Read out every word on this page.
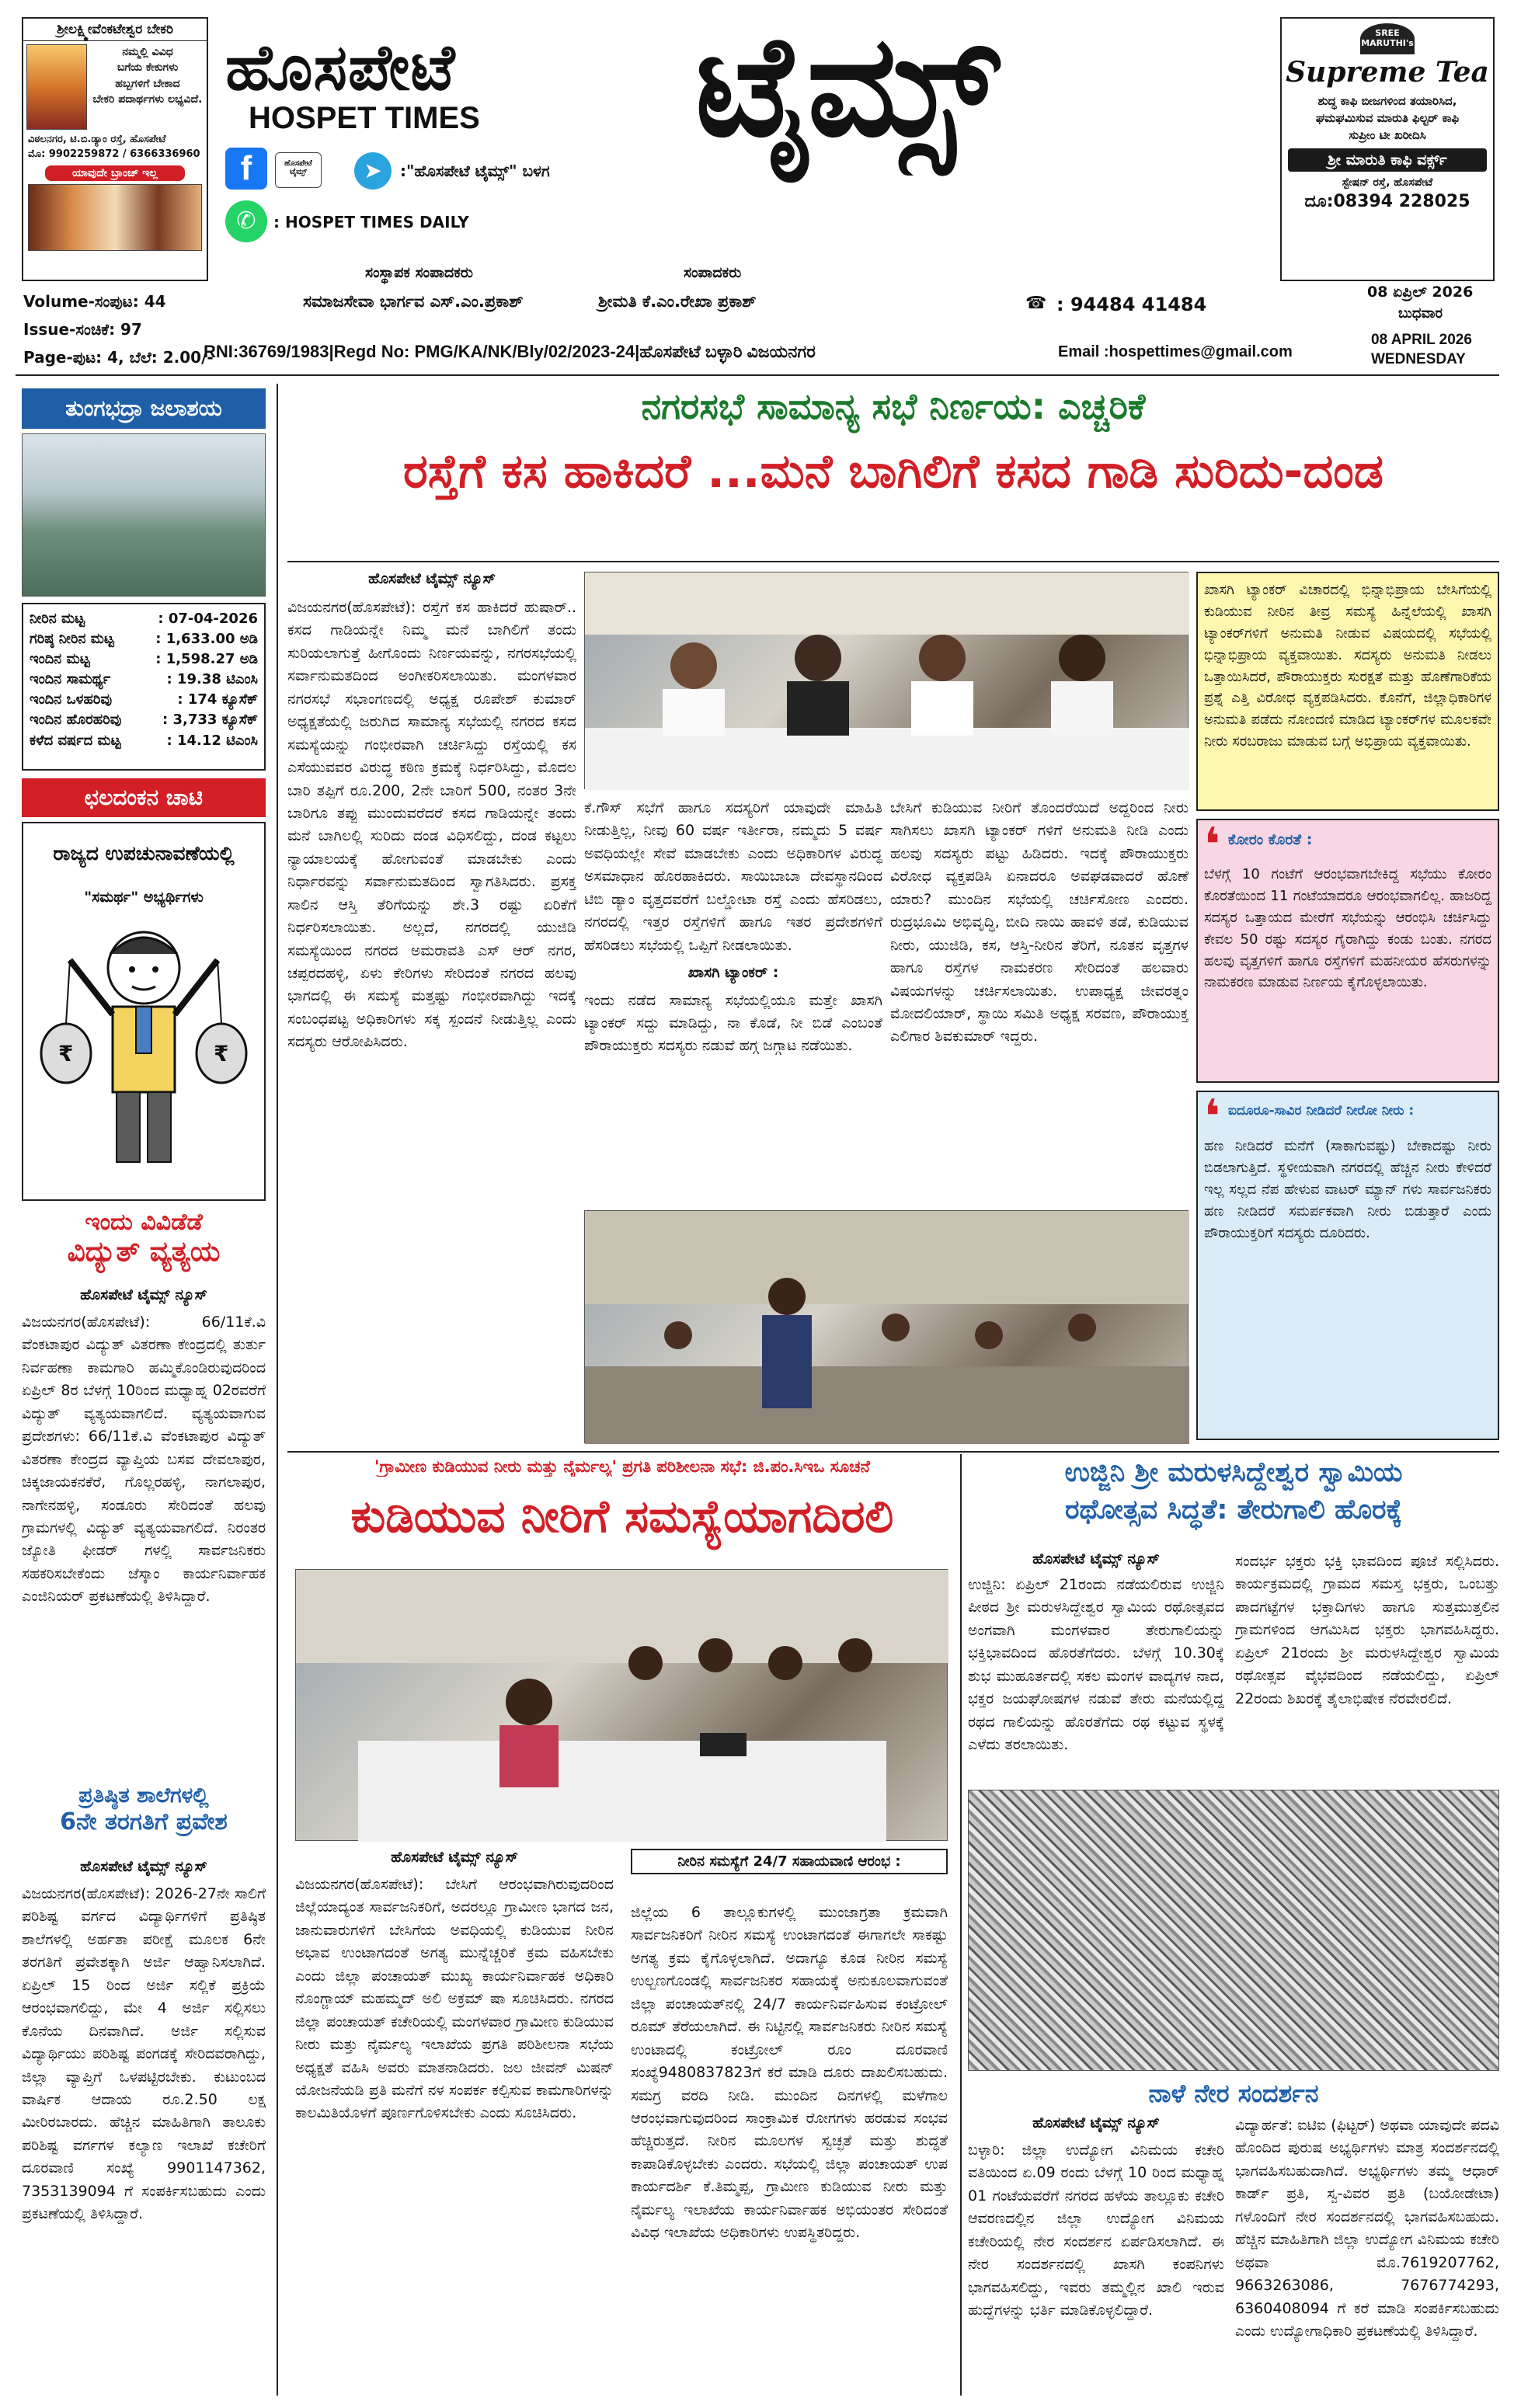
ಶ್ರೀಲಕ್ಷ್ಮೀವೆಂಕಟೇಶ್ವರ ಬೇಕರಿ
ನಮ್ಮಲ್ಲಿ ವಿವಿಧ
ಬಗೆಯ ಕೇಕುಗಳು
ಹಬ್ಬಗಳಿಗೆ ಬೇಕಾದ
ಬೇಕರಿ ಪದಾರ್ಥಗಳು ಲಭ್ಯವಿದೆ.
ವಿಠಲನಗರ, ಟಿ.ಬಿ.ಡ್ಯಾಂ ರಸ್ತೆ, ಹೊಸಪೇಟೆ
ಮೊ: 9902259872 / 6366336960
ಯಾವುದೇ ಬ್ರಾಂಚ್ ಇಲ್ಲ
ಹೊಸಪೇಟೆ
HOSPET TIMES ಟೈಮ್ಸ್
f	ಹೊಸಪೇಟೆ ಟೈಮ್ಸ್	➤	:"ಹೊಸಪೇಟೆ ಟೈಮ್ಸ್" ಬಳಗ
✆	: HOSPET TIMES DAILY
ಸಂಸ್ಥಾಪಕ ಸಂಪಾದಕರು
ಸಮಾಜಸೇವಾ ಭಾರ್ಗವ ಎಸ್.ಎಂ.ಪ್ರಕಾಶ್
ಸಂಪಾದಕರು
ಶ್ರೀಮತಿ ಕೆ.ಎಂ.ರೇಖಾ ಪ್ರಕಾಶ್	☎ : 94484 41484
SREE MARUTHI's
Supreme Tea
ಶುದ್ಧ ಕಾಫಿ ಬೀಜಗಳಿಂದ ತಯಾರಿಸಿದ,
ಘಮಘಮಿಸುವ ಮಾರುತಿ ಫಿಲ್ಟರ್ ಕಾಫಿ
ಸುಪ್ರೀಂ ಟೀ ಖರೀದಿಸಿ
ಶ್ರೀ ಮಾರುತಿ ಕಾಫಿ ವರ್ಕ್ಸ್
ಸ್ಟೇಷನ್ ರಸ್ತೆ, ಹೊಸಪೇಟೆ
ದೂ:08394 228025
08 ಏಪ್ರಿಲ್ 2026
ಬುಧವಾರ
08 APRIL 2026
WEDNESDAY
Volume-ಸಂಪುಟ: 44
Issue-ಸಂಚಿಕೆ: 97
Page-ಪುಟ: 4, ಬೆಲೆ: 2.00/-
RNI:36769/1983|Regd No: PMG/KA/NK/Bly/02/2023-24|ಹೊಸಪೇಟೆ ಬಳ್ಳಾರಿ ವಿಜಯನಗರ	Email :hospettimes@gmail.com
ತುಂಗಭದ್ರಾ ಜಲಾಶಯ
ನೀರಿನ ಮಟ್ಟ	: 07-04-2026
ಗರಿಷ್ಠ ನೀರಿನ ಮಟ್ಟ	: 1,633.00 ಅಡಿ
ಇಂದಿನ ಮಟ್ಟ	: 1,598.27 ಅಡಿ
ಇಂದಿನ ಸಾಮರ್ಥ್ಯ	: 19.38 ಟಿಎಂಸಿ
ಇಂದಿನ ಒಳಹರಿವು	: 174 ಕ್ಯೂಸೆಕ್
ಇಂದಿನ ಹೊರಹರಿವು	: 3,733 ಕ್ಯೂಸೆಕ್
ಕಳೆದ ವರ್ಷದ ಮಟ್ಟ	: 14.12 ಟಿಎಂಸಿ
ಛಲದಂಕನ ಚಾಟಿ
ರಾಜ್ಯದ ಉಪಚುನಾವಣೆಯಲ್ಲಿ
"ಸಮರ್ಥ" ಅಭ್ಯರ್ಥಿಗಳು
₹	₹
ಇಂದು ವಿವಿಡೆಡೆ
ವಿದ್ಯುತ್ ವ್ಯತ್ಯಯ
ಹೊಸಪೇಟೆ ಟೈಮ್ಸ್ ನ್ಯೂಸ್
ವಿಜಯನಗರ(ಹೊಸಪೇಟೆ): 66/11ಕೆ.ವಿ ವೆಂಕಟಾಪುರ ವಿದ್ಯುತ್ ವಿತರಣಾ ಕೇಂದ್ರದಲ್ಲಿ ತುರ್ತು ನಿರ್ವಹಣಾ ಕಾಮಗಾರಿ ಹಮ್ಮಿಕೊಂಡಿರುವುದರಿಂದ ಏಪ್ರಿಲ್ 8ರ ಬೆಳಗ್ಗೆ 10ರಿಂದ ಮಧ್ಯಾಹ್ನ 02ರವರೆಗೆ ವಿದ್ಯುತ್ ವ್ಯತ್ಯಯವಾಗಲಿದೆ. ವ್ಯತ್ಯಯವಾಗುವ ಪ್ರದೇಶಗಳು: 66/11ಕೆ.ವಿ ವೆಂಕಟಾಪುರ ವಿದ್ಯುತ್ ವಿತರಣಾ ಕೇಂದ್ರದ ವ್ಯಾಪ್ತಿಯ ಬಸವ ದೇವಲಾಪುರ, ಚಿಕ್ಕಜಾಯಕನಕೆರೆ, ಗೊಲ್ಲರಹಳ್ಳಿ, ನಾಗಲಾಪುರ, ನಾಗೇನಹಳ್ಳಿ, ಸಂಡೂರು ಸೇರಿದಂತೆ ಹಲವು ಗ್ರಾಮಗಳಲ್ಲಿ ವಿದ್ಯುತ್ ವ್ಯತ್ಯಯವಾಗಲಿದೆ. ನಿರಂತರ ಜ್ಯೋತಿ ಫೀಡರ್ ಗಳಲ್ಲಿ ಸಾರ್ವಜನಿಕರು ಸಹಕರಿಸಬೇಕೆಂದು ಜೆಸ್ಕಾಂ ಕಾರ್ಯನಿರ್ವಾಹಕ ಎಂಜಿನಿಯರ್ ಪ್ರಕಟಣೆಯಲ್ಲಿ ತಿಳಿಸಿದ್ದಾರೆ.
ಪ್ರತಿಷ್ಠಿತ ಶಾಲೆಗಳಲ್ಲಿ
6ನೇ ತರಗತಿಗೆ ಪ್ರವೇಶ
ಹೊಸಪೇಟೆ ಟೈಮ್ಸ್ ನ್ಯೂಸ್
ವಿಜಯನಗರ(ಹೊಸಪೇಟೆ): 2026-27ನೇ ಸಾಲಿಗೆ ಪರಿಶಿಷ್ಟ ವರ್ಗದ ವಿದ್ಯಾರ್ಥಿಗಳಿಗೆ ಪ್ರತಿಷ್ಠಿತ ಶಾಲೆಗಳಲ್ಲಿ ಅರ್ಹತಾ ಪರೀಕ್ಷೆ ಮೂಲಕ 6ನೇ ತರಗತಿಗೆ ಪ್ರವೇಶಕ್ಕಾಗಿ ಅರ್ಜಿ ಆಹ್ವಾನಿಸಲಾಗಿದೆ. ಏಪ್ರಿಲ್ 15 ರಿಂದ ಅರ್ಜಿ ಸಲ್ಲಿಕೆ ಪ್ರಕ್ರಿಯೆ ಆರಂಭವಾಗಲಿದ್ದು, ಮೇ 4 ಅರ್ಜಿ ಸಲ್ಲಿಸಲು ಕೊನೆಯ ದಿನವಾಗಿದೆ. ಅರ್ಜಿ ಸಲ್ಲಿಸುವ ವಿದ್ಯಾರ್ಥಿಯು ಪರಿಶಿಷ್ಟ ಪಂಗಡಕ್ಕೆ ಸೇರಿದವರಾಗಿದ್ದು, ಜಿಲ್ಲಾ ವ್ಯಾಪ್ತಿಗೆ ಒಳಪಟ್ಟಿರಬೇಕು. ಕುಟುಂಬದ ವಾರ್ಷಿಕ ಆದಾಯ ರೂ.2.50 ಲಕ್ಷ ಮೀರಿರಬಾರದು. ಹೆಚ್ಚಿನ ಮಾಹಿತಿಗಾಗಿ ತಾಲೂಕು ಪರಿಶಿಷ್ಟ ವರ್ಗಗಳ ಕಲ್ಯಾಣ ಇಲಾಖೆ ಕಚೇರಿಗೆ ದೂರವಾಣಿ ಸಂಖ್ಯೆ 9901147362, 7353139094 ಗೆ ಸಂಪರ್ಕಿಸಬಹುದು ಎಂದು ಪ್ರಕಟಣೆಯಲ್ಲಿ ತಿಳಿಸಿದ್ದಾರೆ.
ನಗರಸಭೆ ಸಾಮಾನ್ಯ ಸಭೆ ನಿರ್ಣಯ: ಎಚ್ಚರಿಕೆ
ರಸ್ತೆಗೆ ಕಸ ಹಾಕಿದರೆ ...ಮನೆ ಬಾಗಿಲಿಗೆ ಕಸದ ಗಾಡಿ ಸುರಿದು-ದಂಡ
ಹೊಸಪೇಟೆ ಟೈಮ್ಸ್ ನ್ಯೂಸ್
ವಿಜಯನಗರ(ಹೊಸಪೇಟೆ): ರಸ್ತೆಗೆ ಕಸ ಹಾಕಿದರೆ ಹುಷಾರ್.. ಕಸದ ಗಾಡಿಯನ್ನೇ ನಿಮ್ಮ ಮನೆ ಬಾಗಿಲಿಗೆ ತಂದು ಸುರಿಯಲಾಗುತ್ತೆ ಹೀಗೊಂದು ನಿರ್ಣಯವನ್ನು, ನಗರಸಭೆಯಲ್ಲಿ ಸರ್ವಾನುಮತದಿಂದ ಅಂಗೀಕರಿಸಲಾಯಿತು. ಮಂಗಳವಾರ ನಗರಸಭೆ ಸಭಾಂಗಣದಲ್ಲಿ ಅಧ್ಯಕ್ಷ ರೂಪೇಶ್ ಕುಮಾರ್ ಅಧ್ಯಕ್ಷತೆಯಲ್ಲಿ ಜರುಗಿದ ಸಾಮಾನ್ಯ ಸಭೆಯಲ್ಲಿ ನಗರದ ಕಸದ ಸಮಸ್ಯೆಯನ್ನು ಗಂಭೀರವಾಗಿ ಚರ್ಚಿಸಿದ್ದು ರಸ್ತೆಯಲ್ಲಿ ಕಸ ಎಸೆಯುವವರ ವಿರುದ್ಧ ಕಠಿಣ ಕ್ರಮಕ್ಕೆ ನಿರ್ಧರಿಸಿದ್ದು, ಮೊದಲ ಬಾರಿ ತಪ್ಪಿಗೆ ರೂ.200, 2ನೇ ಬಾರಿಗೆ 500, ನಂತರ 3ನೇ ಬಾರಿಗೂ ತಪ್ಪು ಮುಂದುವರೆದರೆ ಕಸದ ಗಾಡಿಯನ್ನೇ ತಂದು ಮನೆ ಬಾಗಿಲಲ್ಲಿ ಸುರಿದು ದಂಡ ವಿಧಿಸಲಿದ್ದು, ದಂಡ ಕಟ್ಟಲು ನ್ಯಾಯಾಲಯಕ್ಕೆ ಹೋಗುವಂತೆ ಮಾಡಬೇಕು ಎಂದು ನಿರ್ಧಾರವನ್ನು ಸರ್ವಾನುಮತದಿಂದ ಸ್ವಾಗತಿಸಿದರು. ಪ್ರಸಕ್ತ ಸಾಲಿನ ಆಸ್ತಿ ತೆರಿಗೆಯನ್ನು ಶೇ.3 ರಷ್ಟು ಏರಿಕೆಗೆ ನಿರ್ಧರಿಸಲಾಯಿತು. ಅಲ್ಲದೆ, ನಗರದಲ್ಲಿ ಯುಜಿಡಿ ಸಮಸ್ಯೆಯಿಂದ ನಗರದ ಅಮರಾವತಿ ಎಸ್ ಆರ್ ನಗರ, ಚಪ್ಪರದಹಳ್ಳಿ, ಏಳು ಕೇರಿಗಳು ಸೇರಿದಂತೆ ನಗರದ ಹಲವು ಭಾಗದಲ್ಲಿ ಈ ಸಮಸ್ಯೆ ಮತ್ತಷ್ಟು ಗಂಭೀರವಾಗಿದ್ದು ಇದಕ್ಕೆ ಸಂಬಂಧಪಟ್ಟ ಅಧಿಕಾರಿಗಳು ಸಕ್ಕ ಸ್ಪಂದನೆ ನೀಡುತ್ತಿಲ್ಲ ಎಂದು ಸದಸ್ಯರು ಆರೋಪಿಸಿದರು.
ಕೆ.ಗೌಸ್ ಸಭೆಗೆ ಹಾಗೂ ಸದಸ್ಯರಿಗೆ ಯಾವುದೇ ಮಾಹಿತಿ ನೀಡುತ್ತಿಲ್ಲ, ನೀವು 60 ವರ್ಷ ಇರ್ತೀರಾ, ನಮ್ಮದು 5 ವರ್ಷ ಅವಧಿಯಲ್ಲೇ ಸೇವೆ ಮಾಡಬೇಕು ಎಂದು ಅಧಿಕಾರಿಗಳ ವಿರುದ್ಧ ಅಸಮಾಧಾನ ಹೊರಹಾಕಿದರು. ಸಾಯಿಬಾಬಾ ದೇವಸ್ಥಾನದಿಂದ ಟಿಬಿ ಡ್ಯಾಂ ವೃತ್ತದವರೆಗೆ ಬಲ್ಡೋಟಾ ರಸ್ತೆ ಎಂದು ಹೆಸರಿಡಲು, ನಗರದಲ್ಲಿ ಇತ್ತರ ರಸ್ತೆಗಳಿಗೆ ಹಾಗೂ ಇತರ ಪ್ರದೇಶಗಳಿಗೆ ಹೆಸರಿಡಲು ಸಭೆಯಲ್ಲಿ ಒಪ್ಪಿಗೆ ನೀಡಲಾಯಿತು.
ಖಾಸಗಿ ಟ್ಯಾಂಕರ್ :
ಇಂದು ನಡೆದ ಸಾಮಾನ್ಯ ಸಭೆಯಲ್ಲಿಯೂ ಮತ್ತೇ ಖಾಸಗಿ ಟ್ಯಾಂಕರ್ ಸದ್ದು ಮಾಡಿದ್ದು, ನಾ ಕೊಡೆ, ನೀ ಬಿಡೆ ಎಂಬಂತೆ ಪೌರಾಯುಕ್ತರು ಸದಸ್ಯರು ನಡುವೆ ಹಗ್ಗ ಜಗ್ಗಾಟ ನಡೆಯಿತು.
ಬೇಸಿಗೆ ಕುಡಿಯುವ ನೀರಿಗೆ ತೊಂದರೆಯಿದೆ ಅದ್ದರಿಂದ ನೀರು ಸಾಗಿಸಲು ಖಾಸಗಿ ಟ್ಯಾಂಕರ್ ಗಳಿಗೆ ಅನುಮತಿ ನೀಡಿ ಎಂದು ಹಲವು ಸದಸ್ಯರು ಪಟ್ಟು ಹಿಡಿದರು. ಇದಕ್ಕೆ ಪೌರಾಯುಕ್ತರು ವಿರೋಧ ವ್ಯಕ್ತಪಡಿಸಿ ಏನಾದರೂ ಅವಘಡವಾದರೆ ಹೊಣೆ ಯಾರು? ಮುಂದಿನ ಸಭೆಯಲ್ಲಿ ಚರ್ಚಿಸೋಣ ಎಂದರು. ರುದ್ರಭೂಮಿ ಅಭಿವೃದ್ಧಿ, ಬೀದಿ ನಾಯಿ ಹಾವಳಿ ತಡೆ, ಕುಡಿಯುವ ನೀರು, ಯುಜಿಡಿ, ಕಸ, ಆಸ್ತಿ-ನೀರಿನ ತೆರಿಗೆ, ನೂತನ ವೃತ್ತಗಳ ಹಾಗೂ ರಸ್ತೆಗಳ ನಾಮಕರಣ ಸೇರಿದಂತೆ ಹಲವಾರು ವಿಷಯಗಳನ್ನು ಚರ್ಚಿಸಲಾಯಿತು. ಉಪಾಧ್ಯಕ್ಷ ಜೀವರತ್ನಂ ಮೋದಲಿಯಾರ್, ಸ್ಥಾಯಿ ಸಮಿತಿ ಅಧ್ಯಕ್ಷ ಸರವಣ, ಪೌರಾಯುಕ್ತ ಎಲಿಗಾರ ಶಿವಕುಮಾರ್ ಇದ್ದರು.
ಖಾಸಗಿ ಟ್ಯಾಂಕರ್ ವಿಚಾರದಲ್ಲಿ ಭಿನ್ನಾಭಿಪ್ರಾಯ ಬೇಸಿಗೆಯಲ್ಲಿ ಕುಡಿಯುವ ನೀರಿನ ತೀವ್ರ ಸಮಸ್ಯೆ ಹಿನ್ನೆಲೆಯಲ್ಲಿ ಖಾಸಗಿ ಟ್ಯಾಂಕರ್‌ಗಳಿಗೆ ಅನುಮತಿ ನೀಡುವ ವಿಷಯದಲ್ಲಿ ಸಭೆಯಲ್ಲಿ ಭಿನ್ನಾಭಿಪ್ರಾಯ ವ್ಯಕ್ತವಾಯಿತು. ಸದಸ್ಯರು ಅನುಮತಿ ನೀಡಲು ಒತ್ತಾಯಿಸಿದರೆ, ಪೌರಾಯುಕ್ತರು ಸುರಕ್ಷತೆ ಮತ್ತು ಹೊಣೆಗಾರಿಕೆಯ ಪ್ರಶ್ನೆ ಎತ್ತಿ ವಿರೋಧ ವ್ಯಕ್ತಪಡಿಸಿದರು. ಕೊನೆಗೆ, ಜಿಲ್ಲಾಧಿಕಾರಿಗಳ ಅನುಮತಿ ಪಡೆದು ನೋಂದಣಿ ಮಾಡಿದ ಟ್ಯಾಂಕರ್‌ಗಳ ಮೂಲಕವೇ ನೀರು ಸರಬರಾಜು ಮಾಡುವ ಬಗ್ಗೆ ಅಭಿಪ್ರಾಯ ವ್ಯಕ್ತವಾಯಿತು.
❛ ಕೋರಂ ಕೊರತೆ :
ಬೆಳಗ್ಗೆ 10 ಗಂಟೆಗೆ ಆರಂಭವಾಗಬೇಕಿದ್ದ ಸಭೆಯು ಕೋರಂ ಕೊರತೆಯಿಂದ 11 ಗಂಟೆಯಾದರೂ ಆರಂಭವಾಗಲಿಲ್ಲ. ಹಾಜರಿದ್ದ ಸದಸ್ಯರ ಒತ್ತಾಯದ ಮೇರೆಗೆ ಸಭೆಯನ್ನು ಆರಂಭಿಸಿ ಚರ್ಚಿಸಿದ್ದು ಕೇವಲ 50 ರಷ್ಟು ಸದಸ್ಯರ ಗೈರಾಗಿದ್ದು ಕಂಡು ಬಂತು. ನಗರದ ಹಲವು ವೃತ್ತಗಳಿಗೆ ಹಾಗೂ ರಸ್ತೆಗಳಿಗೆ ಮಹನೀಯರ ಹೆಸರುಗಳನ್ನು ನಾಮಕರಣ ಮಾಡುವ ನಿರ್ಣಯ ಕೈಗೊಳ್ಳಲಾಯಿತು.
❛ ಐದೂರೂ-ಸಾವಿರ ನೀಡಿದರೆ ನೀರೋ ನೀರು :
ಹಣ ನೀಡಿದರೆ ಮನೆಗೆ (ಸಾಕಾಗುವಷ್ಟು) ಬೇಕಾದಷ್ಟು ನೀರು ಬಿಡಲಾಗುತ್ತಿದೆ. ಸ್ಥಳೀಯವಾಗಿ ನಗರದಲ್ಲಿ ಹೆಚ್ಚಿನ ನೀರು ಕೇಳಿದರೆ ಇಲ್ಲ ಸಲ್ಲದ ನೆಪ ಹೇಳುವ ವಾಟರ್ ಮ್ಯಾನ್ ಗಳು ಸಾರ್ವಜನಿಕರು ಹಣ ನೀಡಿದರೆ ಸಮರ್ಪಕವಾಗಿ ನೀರು ಬಿಡುತ್ತಾರೆ ಎಂದು ಪೌರಾಯುಕ್ತರಿಗೆ ಸದಸ್ಯರು ದೂರಿದರು.
'ಗ್ರಾಮೀಣ ಕುಡಿಯುವ ನೀರು ಮತ್ತು ನೈರ್ಮಲ್ಯ' ಪ್ರಗತಿ ಪರಿಶೀಲನಾ ಸಭೆ: ಜಿ.ಪಂ.ಸಿಇಒ ಸೂಚನೆ
ಕುಡಿಯುವ ನೀರಿಗೆ ಸಮಸ್ಯೆಯಾಗದಿರಲಿ
ಹೊಸಪೇಟೆ ಟೈಮ್ಸ್ ನ್ಯೂಸ್
ವಿಜಯನಗರ(ಹೊಸಪೇಟೆ): ಬೇಸಿಗೆ ಆರಂಭವಾಗಿರುವುದರಿಂದ ಜಿಲ್ಲೆಯಾದ್ಯಂತ ಸಾರ್ವಜನಿಕರಿಗೆ, ಅದರಲ್ಲೂ ಗ್ರಾಮೀಣ ಭಾಗದ ಜನ, ಜಾನುವಾರುಗಳಿಗೆ ಬೇಸಿಗೆಯ ಅವಧಿಯಲ್ಲಿ ಕುಡಿಯುವ ನೀರಿನ ಅಭಾವ ಉಂಟಾಗದಂತೆ ಅಗತ್ಯ ಮುನ್ನೆಚ್ಚರಿಕೆ ಕ್ರಮ ವಹಿಸಬೇಕು ಎಂದು ಜಿಲ್ಲಾ ಪಂಚಾಯತ್ ಮುಖ್ಯ ಕಾರ್ಯನಿರ್ವಾಹಕ ಅಧಿಕಾರಿ ನೊಂಗ್ಜಾಯ್ ಮಹಮ್ಮದ್ ಅಲಿ ಅಕ್ರಮ್ ಷಾ ಸೂಚಿಸಿದರು. ನಗರದ ಜಿಲ್ಲಾ ಪಂಚಾಯತ್ ಕಚೇರಿಯಲ್ಲಿ ಮಂಗಳವಾರ ಗ್ರಾಮೀಣ ಕುಡಿಯುವ ನೀರು ಮತ್ತು ನೈರ್ಮಲ್ಯ ಇಲಾಖೆಯ ಪ್ರಗತಿ ಪರಿಶೀಲನಾ ಸಭೆಯ ಅಧ್ಯಕ್ಷತೆ ವಹಿಸಿ ಅವರು ಮಾತನಾಡಿದರು. ಜಲ ಜೀವನ್ ಮಿಷನ್ ಯೋಜನೆಯಡಿ ಪ್ರತಿ ಮನೆಗೆ ನಳ ಸಂಪರ್ಕ ಕಲ್ಪಿಸುವ ಕಾಮಗಾರಿಗಳನ್ನು ಕಾಲಮಿತಿಯೊಳಗೆ ಪೂರ್ಣಗೊಳಿಸಬೇಕು ಎಂದು ಸೂಚಿಸಿದರು.
ನೀರಿನ ಸಮಸ್ಯೆಗೆ 24/7 ಸಹಾಯವಾಣಿ ಆರಂಭ :
ಜಿಲ್ಲೆಯ 6 ತಾಲ್ಲೂಕುಗಳಲ್ಲಿ ಮುಂಜಾಗ್ರತಾ ಕ್ರಮವಾಗಿ ಸಾರ್ವಜನಿಕರಿಗೆ ನೀರಿನ ಸಮಸ್ಯೆ ಉಂಟಾಗದಂತೆ ಈಗಾಗಲೇ ಸಾಕಷ್ಟು ಅಗತ್ಯ ಕ್ರಮ ಕೈಗೊಳ್ಳಲಾಗಿದೆ. ಅದಾಗ್ಯೂ ಕೂಡ ನೀರಿನ ಸಮಸ್ಯೆ ಉಲ್ಬಣಗೊಂಡಲ್ಲಿ ಸಾರ್ವಜನಿಕರ ಸಹಾಯಕ್ಕೆ ಅನುಕೂಲವಾಗುವಂತೆ ಜಿಲ್ಲಾ ಪಂಚಾಯತ್‌ನಲ್ಲಿ 24/7 ಕಾರ್ಯನಿರ್ವಹಿಸುವ ಕಂಟ್ರೋಲ್ ರೂಮ್ ತೆರೆಯಲಾಗಿದೆ. ಈ ನಿಟ್ಟಿನಲ್ಲಿ ಸಾರ್ವಜನಿಕರು ನೀರಿನ ಸಮಸ್ಯೆ ಉಂಟಾದಲ್ಲಿ ಕಂಟ್ರೋಲ್ ರೂಂ ದೂರವಾಣಿ ಸಂಖ್ಯೆ9480837823ಗೆ ಕರೆ ಮಾಡಿ ದೂರು ದಾಖಲಿಸಬಹುದು. ಸಮಗ್ರ ವರದಿ ನೀಡಿ. ಮುಂದಿನ ದಿನಗಳಲ್ಲಿ ಮಳೆಗಾಲ ಆರಂಭವಾಗುವುದರಿಂದ ಸಾಂಕ್ರಾಮಿಕ ರೋಗಗಳು ಹರಡುವ ಸಂಭವ ಹೆಚ್ಚಿರುತ್ತದೆ. ನೀರಿನ ಮೂಲಗಳ ಸ್ವಚ್ಛತೆ ಮತ್ತು ಶುದ್ಧತೆ ಕಾಪಾಡಿಕೊಳ್ಳಬೇಕು ಎಂದರು. ಸಭೆಯಲ್ಲಿ ಜಿಲ್ಲಾ ಪಂಚಾಯತ್ ಉಪ ಕಾರ್ಯದರ್ಶಿ ಕೆ.ತಿಮ್ಮಪ್ಪ, ಗ್ರಾಮೀಣ ಕುಡಿಯುವ ನೀರು ಮತ್ತು ನೈರ್ಮಲ್ಯ ಇಲಾಖೆಯ ಕಾರ್ಯನಿರ್ವಾಹಕ ಅಭಿಯಂತರ ಸೇರಿದಂತೆ ವಿವಿಧ ಇಲಾಖೆಯ ಅಧಿಕಾರಿಗಳು ಉಪಸ್ಥಿತರಿದ್ದರು.
ಉಜ್ಜಿನಿ ಶ್ರೀ ಮರುಳಸಿದ್ದೇಶ್ವರ ಸ್ವಾಮಿಯ
ರಥೋತ್ಸವ ಸಿದ್ಧತೆ: ತೇರುಗಾಲಿ ಹೊರಕ್ಕೆ
ಹೊಸಪೇಟೆ ಟೈಮ್ಸ್ ನ್ಯೂಸ್
ಉಜ್ಜಿನಿ: ಏಪ್ರಿಲ್ 21ರಂದು ನಡೆಯಲಿರುವ ಉಜ್ಜಿನಿ ಪೀಠದ ಶ್ರೀ ಮರುಳಸಿದ್ದೇಶ್ವರ ಸ್ವಾಮಿಯ ರಥೋತ್ಸವದ ಅಂಗವಾಗಿ ಮಂಗಳವಾರ ತೇರುಗಾಲಿಯನ್ನು ಭಕ್ತಿಭಾವದಿಂದ ಹೊರತೆಗೆದರು. ಬೆಳಗ್ಗೆ 10.30ಕ್ಕೆ ಶುಭ ಮುಹೂರ್ತದಲ್ಲಿ ಸಕಲ ಮಂಗಳ ವಾದ್ಯಗಳ ನಾದ, ಭಕ್ತರ ಜಯಘೋಷಗಳ ನಡುವೆ ತೇರು ಮನೆಯಲ್ಲಿದ್ದ ರಥದ ಗಾಲಿಯನ್ನು ಹೊರತೆಗೆದು ರಥ ಕಟ್ಟುವ ಸ್ಥಳಕ್ಕೆ ಎಳೆದು ತರಲಾಯಿತು.
ಸಂದರ್ಭ ಭಕ್ತರು ಭಕ್ತಿ ಭಾವದಿಂದ ಪೂಜೆ ಸಲ್ಲಿಸಿದರು. ಕಾರ್ಯಕ್ರಮದಲ್ಲಿ ಗ್ರಾಮದ ಸಮಸ್ತ ಭಕ್ತರು, ಒಂಬತ್ತು ಪಾದಗಟ್ಟೆಗಳ ಭಕ್ತಾದಿಗಳು ಹಾಗೂ ಸುತ್ತಮುತ್ತಲಿನ ಗ್ರಾಮಗಳಿಂದ ಆಗಮಿಸಿದ ಭಕ್ತರು ಭಾಗವಹಿಸಿದ್ದರು. ಏಪ್ರಿಲ್ 21ರಂದು ಶ್ರೀ ಮರುಳಸಿದ್ದೇಶ್ವರ ಸ್ವಾಮಿಯ ರಥೋತ್ಸವ ವೈಭವದಿಂದ ನಡೆಯಲಿದ್ದು, ಏಪ್ರಿಲ್ 22ರಂದು ಶಿಖರಕ್ಕೆ ತೈಲಾಭಿಷೇಕ ನೆರವೇರಲಿದೆ.
ನಾಳೆ ನೇರ ಸಂದರ್ಶನ
ಹೊಸಪೇಟೆ ಟೈಮ್ಸ್ ನ್ಯೂಸ್
ಬಳ್ಳಾರಿ: ಜಿಲ್ಲಾ ಉದ್ಯೋಗ ವಿನಿಮಯ ಕಚೇರಿ ವತಿಯಿಂದ ಏ.09 ರಂದು ಬೆಳಗ್ಗೆ 10 ರಿಂದ ಮಧ್ಯಾಹ್ನ 01 ಗಂಟೆಯವರೆಗೆ ನಗರದ ಹಳೆಯ ತಾಲ್ಲೂಕು ಕಚೇರಿ ಆವರಣದಲ್ಲಿನ ಜಿಲ್ಲಾ ಉದ್ಯೋಗ ವಿನಿಮಯ ಕಚೇರಿಯಲ್ಲಿ ನೇರ ಸಂದರ್ಶನ ಏರ್ಪಡಿಸಲಾಗಿದೆ. ಈ ನೇರ ಸಂದರ್ಶನದಲ್ಲಿ ಖಾಸಗಿ ಕಂಪನಿಗಳು ಭಾಗವಹಿಸಲಿದ್ದು, ಇವರು ತಮ್ಮಲ್ಲಿನ ಖಾಲಿ ಇರುವ ಹುದ್ದೆಗಳನ್ನು ಭರ್ತಿ ಮಾಡಿಕೊಳ್ಳಲಿದ್ದಾರೆ.
ವಿದ್ಯಾರ್ಹತೆ: ಐಟಿಐ (ಫಿಟ್ಟರ್) ಅಥವಾ ಯಾವುದೇ ಪದವಿ ಹೊಂದಿದ ಪುರುಷ ಅಭ್ಯರ್ಥಿಗಳು ಮಾತ್ರ ಸಂದರ್ಶನದಲ್ಲಿ ಭಾಗವಹಿಸಬಹುದಾಗಿದೆ. ಅಭ್ಯರ್ಥಿಗಳು ತಮ್ಮ ಆಧಾರ್ ಕಾರ್ಡ್ ಪ್ರತಿ, ಸ್ವ-ವಿವರ ಪ್ರತಿ (ಬಯೋಡೇಟಾ) ಗಳೊಂದಿಗೆ ನೇರ ಸಂದರ್ಶನದಲ್ಲಿ ಭಾಗವಹಿಸಬಹುದು. ಹೆಚ್ಚಿನ ಮಾಹಿತಿಗಾಗಿ ಜಿಲ್ಲಾ ಉದ್ಯೋಗ ವಿನಿಮಯ ಕಚೇರಿ ಅಥವಾ ಮೊ.7619207762, 9663263086, 7676774293, 6360408094 ಗೆ ಕರೆ ಮಾಡಿ ಸಂಪರ್ಕಿಸಬಹುದು ಎಂದು ಉದ್ಯೋಗಾಧಿಕಾರಿ ಪ್ರಕಟಣೆಯಲ್ಲಿ ತಿಳಿಸಿದ್ದಾರೆ.
